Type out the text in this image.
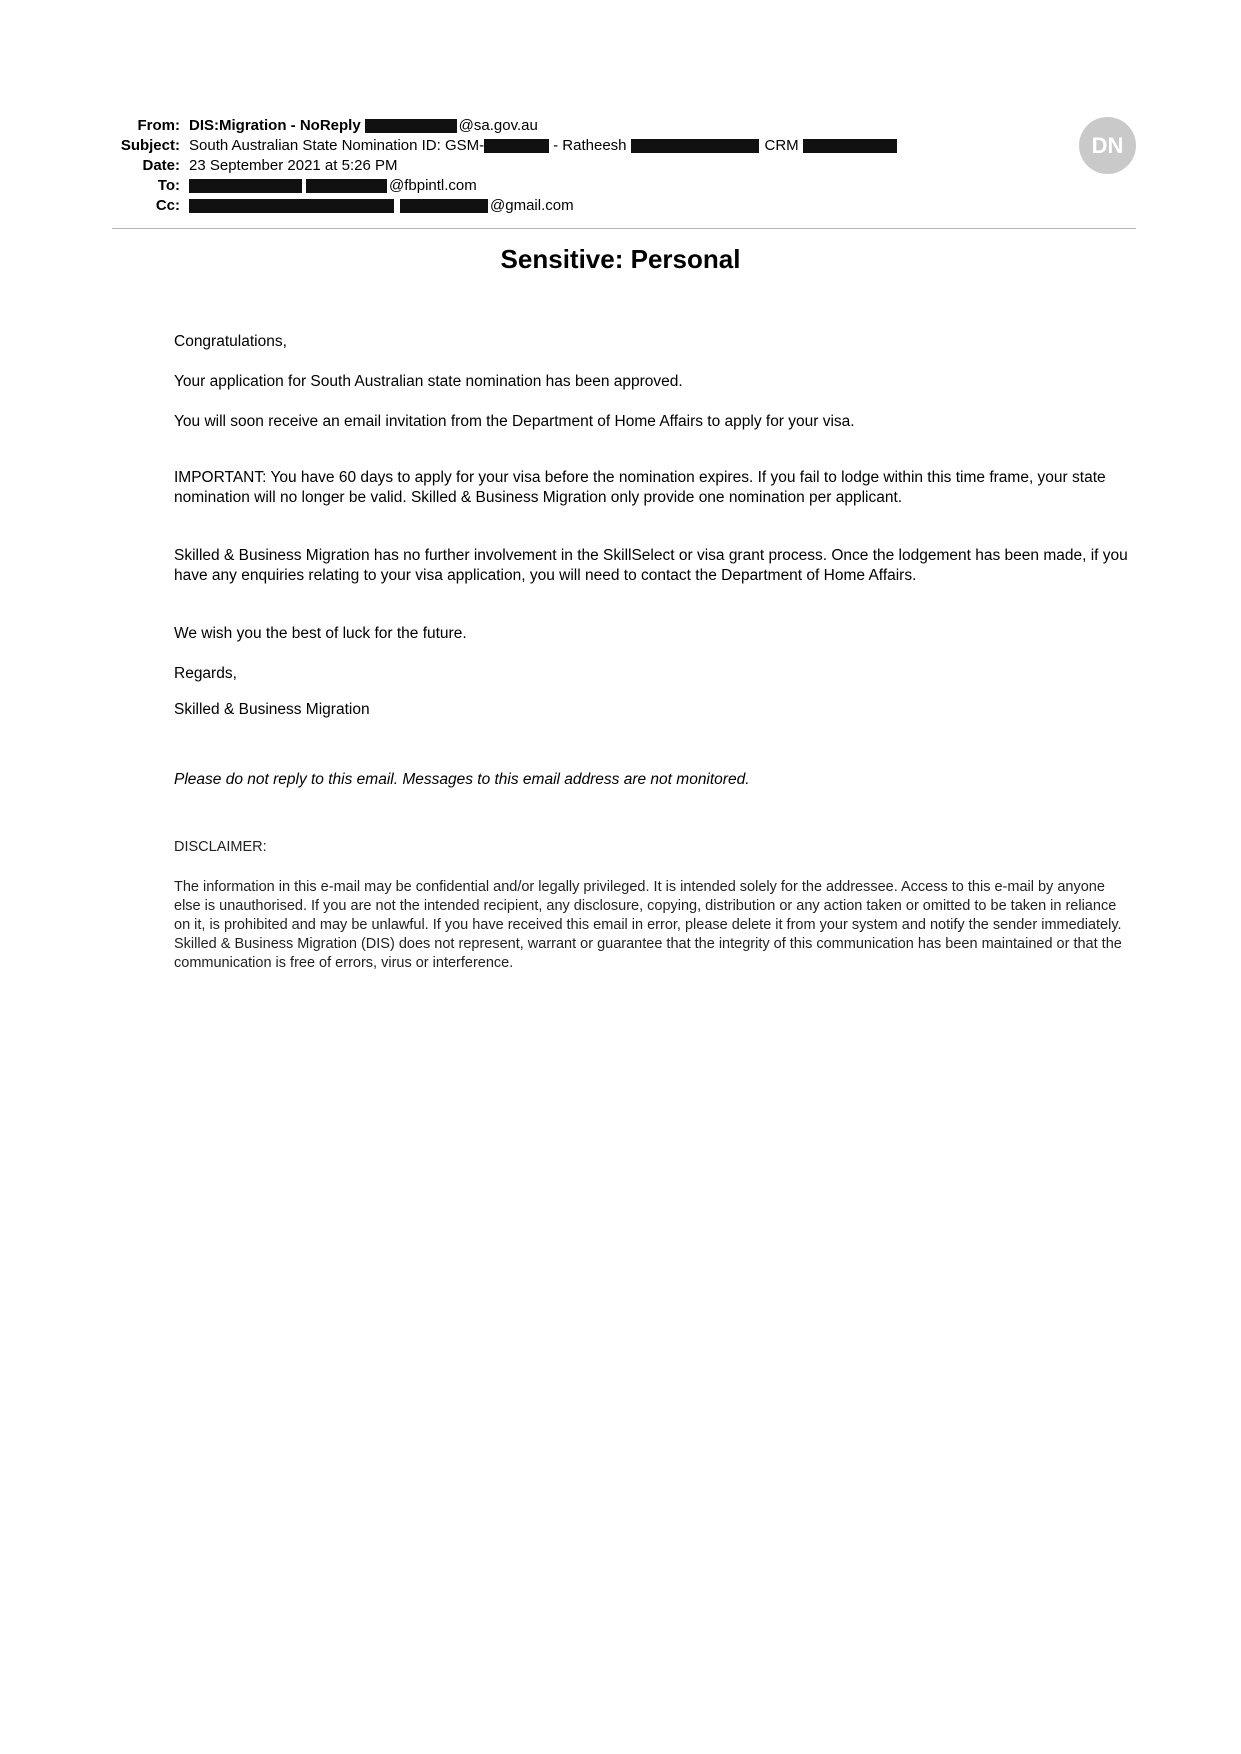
From: DIS:Migration - NoReply	@sa.gov.au
Subject: South Australian State Nomination ID: GSM-	- Ratheesh	CRM
Date: 23 September 2021 at 5:26 PM
To:	@fbpintl.com
Cc:	@gmail.com
DN
Sensitive: Personal
Congratulations,
Your application for South Australian state nomination has been approved.
You will soon receive an email invitation from the Department of Home Affairs to apply for your visa.
IMPORTANT: You have 60 days to apply for your visa before the nomination expires. If you fail to lodge within this time frame, your state nomination will no longer be valid. Skilled & Business Migration only provide one nomination per applicant.
Skilled & Business Migration has no further involvement in the SkillSelect or visa grant process. Once the lodgement has been made, if you have any enquiries relating to your visa application, you will need to contact the Department of Home Affairs.
We wish you the best of luck for the future.
Regards,
Skilled & Business Migration
Please do not reply to this email. Messages to this email address are not monitored.
DISCLAIMER:
The information in this e-mail may be confidential and/or legally privileged. It is intended solely for the addressee. Access to this e-mail by anyone else is unauthorised. If you are not the intended recipient, any disclosure, copying, distribution or any action taken or omitted to be taken in reliance on it, is prohibited and may be unlawful. If you have received this email in error, please delete it from your system and notify the sender immediately. Skilled & Business Migration (DIS) does not represent, warrant or guarantee that the integrity of this communication has been maintained or that the communication is free of errors, virus or interference.
